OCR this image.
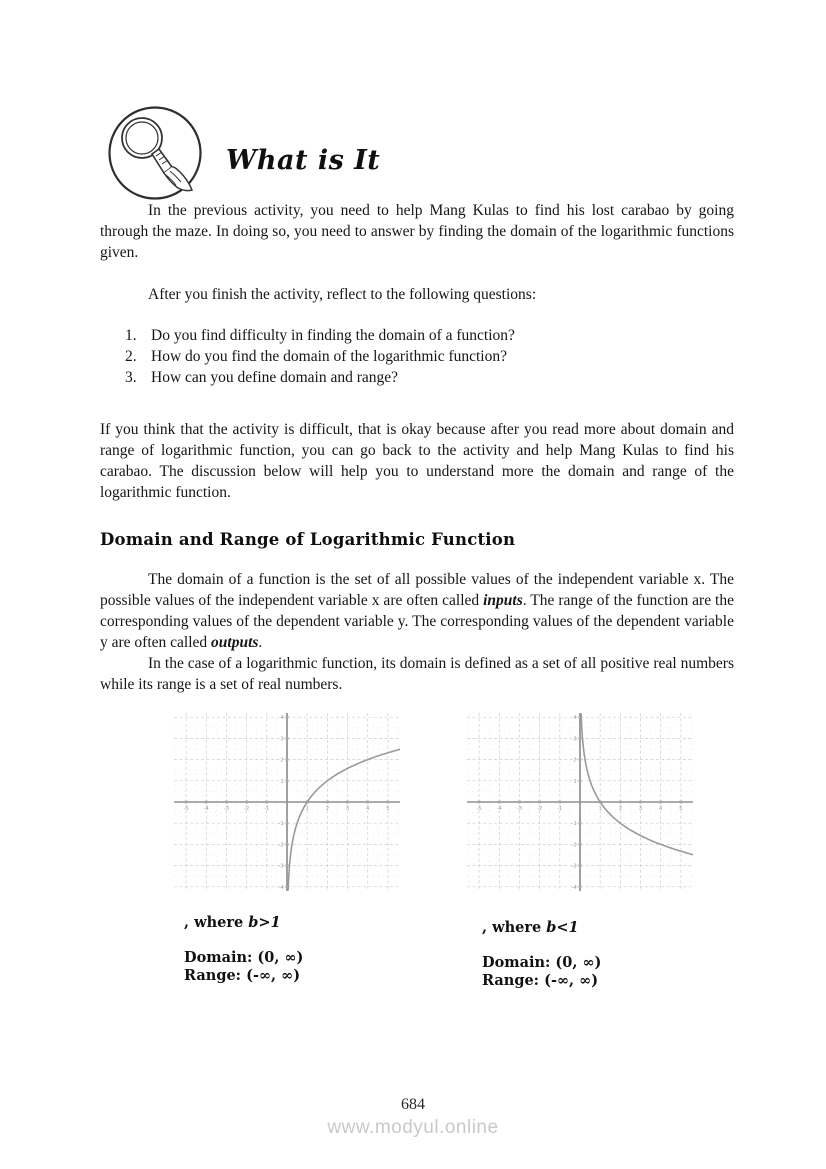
What is It

In the previous activity, you need to help Mang Kulas to find his lost carabao by going through the maze. In doing so, you need to answer by finding the domain of the logarithmic functions given.

After you finish the activity, reflect to the following questions:

1. Do you find difficulty in finding the domain of a function?
2. How do you find the domain of the logarithmic function?
3. How can you define domain and range?

If you think that the activity is difficult, that is okay because after you read more about domain and range of logarithmic function, you can go back to the activity and help Mang Kulas to find his carabao. The discussion below will help you to understand more the domain and range of the logarithmic function.

Domain and Range of Logarithmic Function

The domain of a function is the set of all possible values of the independent variable x. The possible values of the independent variable x are often called inputs. The range of the function are the corresponding values of the dependent variable y. The corresponding values of the dependent variable y are often called outputs.

In the case of a logarithmic function, its domain is defined as a set of all positive real numbers while its range is a set of real numbers.

-5	-4	-3	-2	-1	1	2	3	4	5
-4
-3
-2
-1
1
2
3
4
, where b>1
Domain: (0, ∞)
Range: (-∞, ∞)
-5	-4	-3	-2	-1	1	2	3	4	5
-4
-3
-2
-1
1
2
3
4
, where b<1
Domain: (0, ∞)
Range: (-∞, ∞)
684
www.modyul.online
